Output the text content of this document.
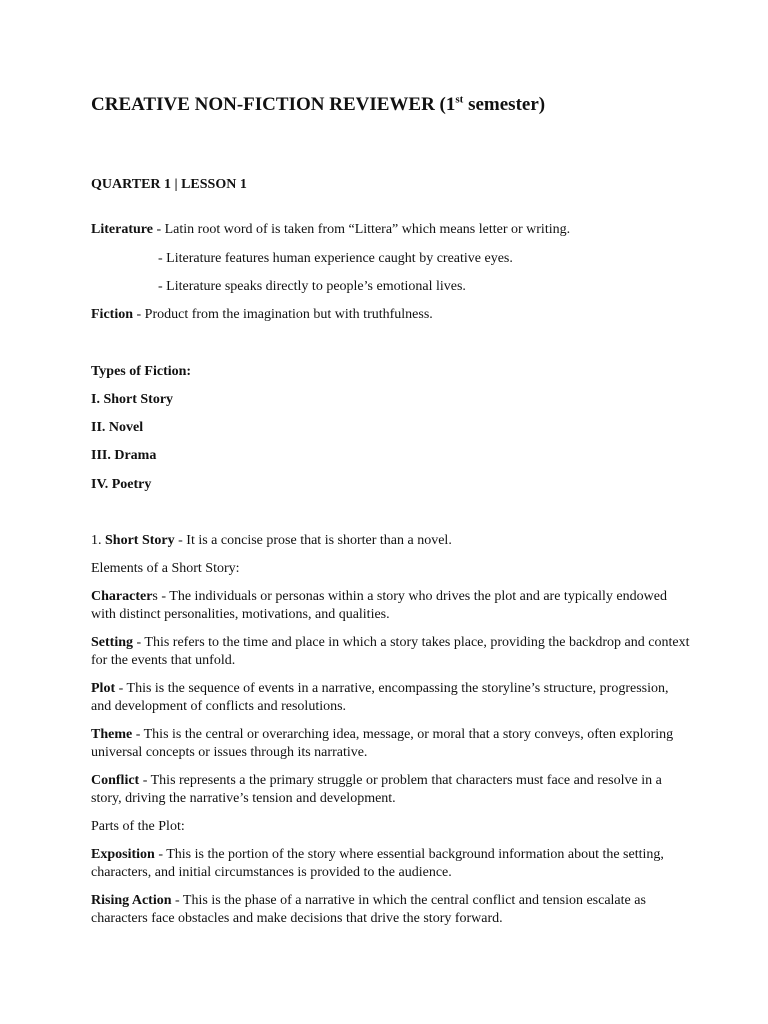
CREATIVE NON-FICTION REVIEWER (1st semester)
QUARTER 1 | LESSON 1
Literature - Latin root word of is taken from “Littera” which means letter or writing.
- Literature features human experience caught by creative eyes.
- Literature speaks directly to people’s emotional lives.
Fiction - Product from the imagination but with truthfulness.
Types of Fiction:
I. Short Story
II. Novel
III. Drama
IV. Poetry
1. Short Story - It is a concise prose that is shorter than a novel.
Elements of a Short Story:
Characters - The individuals or personas within a story who drives the plot and are typically endowed with distinct personalities, motivations, and qualities.
Setting - This refers to the time and place in which a story takes place, providing the backdrop and context for the events that unfold.
Plot - This is the sequence of events in a narrative, encompassing the storyline’s structure, progression, and development of conflicts and resolutions.
Theme - This is the central or overarching idea, message, or moral that a story conveys, often exploring universal concepts or issues through its narrative.
Conflict - This represents a the primary struggle or problem that characters must face and resolve in a story, driving the narrative’s tension and development.
Parts of the Plot:
Exposition - This is the portion of the story where essential background information about the setting, characters, and initial circumstances is provided to the audience.
Rising Action - This is the phase of a narrative in which the central conflict and tension escalate as characters face obstacles and make decisions that drive the story forward.
